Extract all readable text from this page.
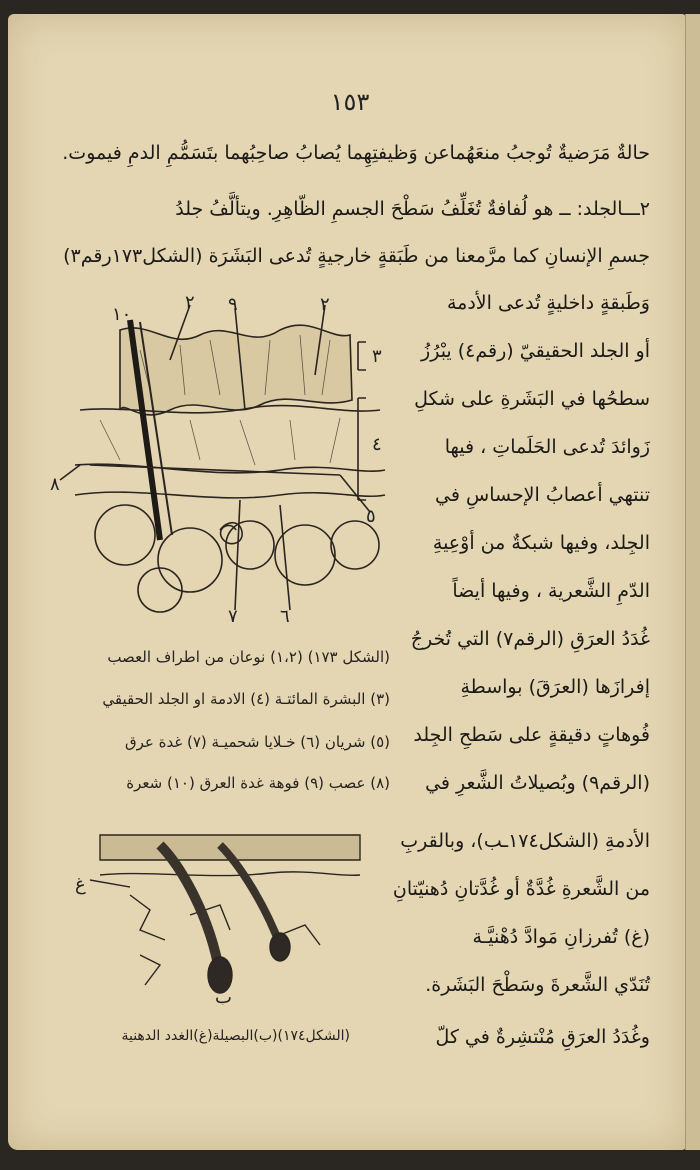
١٥٣
حالةٌ مَرَضيةٌ تُوجبُ منعَهُماعن وَظيفتِهِما يُصابُ صاحِبُهما بتَسَمُّمِ الدمِ فيموت.
٢ـــالجلد: ــ هو لُفافةٌ تُغَلِّفُ سَطْحَ الجسمِ الظّاهِرِ. ويتألَّفُ جلدُ
جسمِ الإنسانِ كما مرَّمعنا من طَبَقةٍ خارجيةٍ تُدعى البَشَرَة (الشكل١٧٣رقم٣)
وَطَبقةٍ داخليةٍ تُدعى الأدمة
أو الجلد الحقيقيّ (رقم٤) يبْرُزُ
سطحُها في البَشَرةِ على شكلِ
زَوائدَ تُدعى الحَلَماتِ ، فيها
تنتهي أعصابُ الإحساسِ في
الجِلد، وفيها شبكةٌ من أوْعِيةِ
الدّمِ الشَّعرية ، وفيها أيضاً
غُدَدُ العرَقِ (الرقم٧) التي تُخرجُ
إفرازَها (العرَقَ) بواسطةِ
فُوهاتٍ دقيقةٍ على سَطحِ الجِلد
(الرقم٩) وبُصيلاتُ الشَّعرِ في
الأدمةِ (الشكل١٧٤ـب)، وبالقربِ
من الشَّعرةِ غُدَّةٌ أو غُدَّتانِ دُهنيّتانِ
(غ) تُفرزانِ مَوادَّ دُهْنيَّـة
تُنَدّي الشَّعرةَ وسَطْحَ البَشَرة.
(الشكل ١٧٣) (١،٢) نوعان من اطراف العصب
(٣) البشرة المائتـة (٤) الادمة او الجلد الحقيقي
(٥) شريان (٦) خـلايا شحميـة (٧) غدة عرق
(٨) عصب (٩) فوهة غدة العرق (١٠) شعرة
وغُدَدُ العرَقِ مُنْتشِرةٌ في كلّ
(الشكل١٧٤)(ب)البصيلة(غ)الغدد الدهنية
١٠
٢ ٩	٢
٣
٤
٨
٥
٧ ٦
غ
ب
